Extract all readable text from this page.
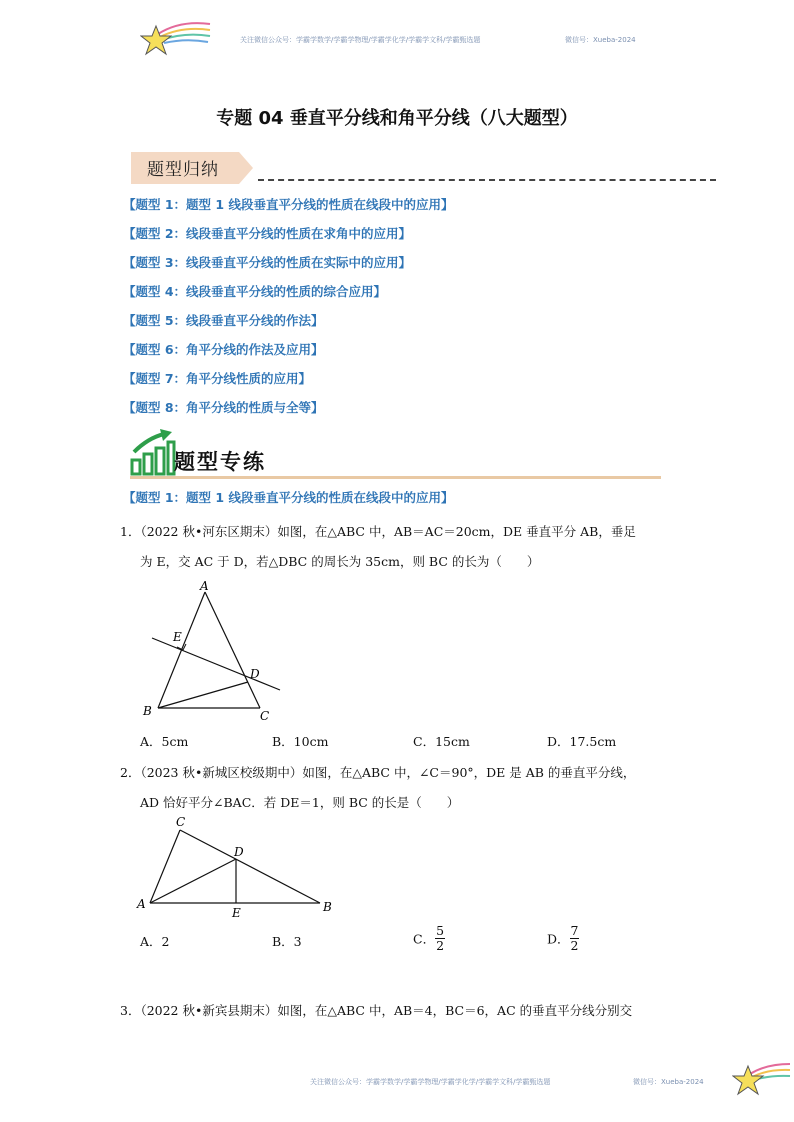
关注微信公众号：学霸学数学/学霸学物理/学霸学化学/学霸学文科/学霸甄选题	微信号：Xueba-2024
专题 04 垂直平分线和角平分线（八大题型）
题型归纳
【题型 1：题型 1 线段垂直平分线的性质在线段中的应用】
【题型 2：线段垂直平分线的性质在求角中的应用】
【题型 3：线段垂直平分线的性质在实际中的应用】
【题型 4：线段垂直平分线的性质的综合应用】
【题型 5：线段垂直平分线的作法】
【题型 6：角平分线的作法及应用】
【题型 7：角平分线性质的应用】
【题型 8：角平分线的性质与全等】
题型专练
【题型 1：题型 1 线段垂直平分线的性质在线段中的应用】
1．（2022 秋•河东区期末）如图，在△ABC 中，AB＝AC＝20cm，DE 垂直平分 AB，垂足
为 E，交 AC 于 D，若△DBC 的周长为 35cm，则 BC 的长为（　　）
A
B	C
D
E
A．5cm	B．10cm	C．15cm	D．17.5cm
2．（2023 秋•新城区校级期中）如图，在△ABC 中，∠C＝90°，DE 是 AB 的垂直平分线，
AD 恰好平分∠BAC．若 DE＝1，则 BC 的长是（　　）
C
D
A
E	B
A．2	B．3	C． $\frac{5}{2}$	D． $\frac{7}{2}$
3．（2022 秋•新宾县期末）如图，在△ABC 中，AB＝4，BC＝6，AC 的垂直平分线分别交
关注微信公众号：学霸学数学/学霸学物理/学霸学化学/学霸学文科/学霸甄选题	微信号：Xueba-2024
